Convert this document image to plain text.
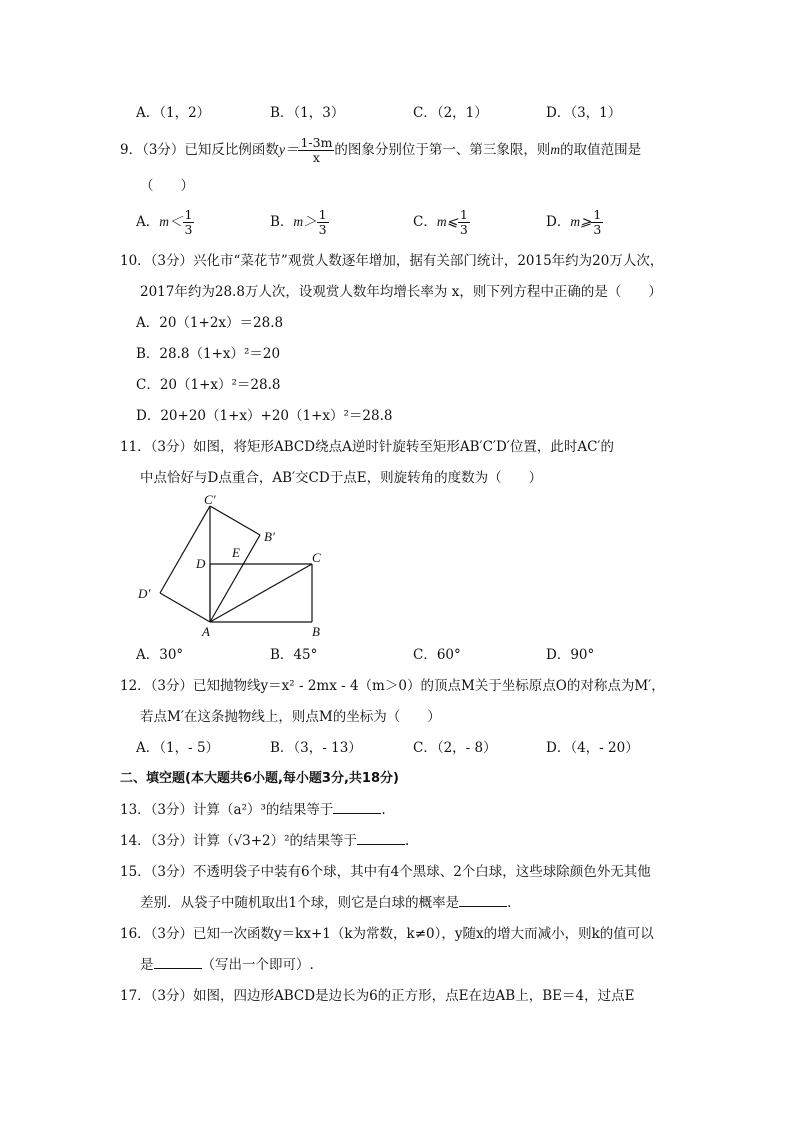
A．（1，2）	B．（1，3）	C．（2，1）	D．（3，1）
9．（3分）已知反比例函数$y= \frac{1-3m}{x}$ 的图象分别位于第一、第三象限，则m的取值范围是
（　　）
A．$m< \frac{1}{3}$	B．$m> \frac{1}{3}$	C．m⩽ $\frac{1}{3}$	D．m⩾ $\frac{1}{3}$
10．（3分）兴化市“菜花节”观赏人数逐年增加，据有关部门统计，2015年约为20万人次，
2017年约为28.8万人次，设观赏人数年均增长率为 x，则下列方程中正确的是（　　）
A．20（1+2x）＝28.8
B．28.8（1+x）²＝20
C．20（1+x）²＝28.8
D．20+20（1+x）+20（1+x）²＝28.8
11．（3分）如图，将矩形ABCD绕点A逆时针旋转至矩形AB′C′D′位置，此时AC′的
中点恰好与D点重合，AB′交CD于点E，则旋转角的度数为（　　）
C′
B′
E
D	C
D′
A	B
A．30°	B．45°	C．60°	D．90°
12．（3分）已知抛物线y＝x² - 2mx - 4（m＞0）的顶点M关于坐标原点O的对称点为M′，
若点M′在这条抛物线上，则点M的坐标为（　　）
A．（1，- 5）	B．（3，- 13）	C．（2，- 8）	D．（4，- 20）
二、填空题(本大题共6小题,每小题3分,共18分)
13．（3分）计算（a²）³的结果等于	.
14．（3分）计算（√3+2）²的结果等于	.
15．（3分）不透明袋子中装有6个球，其中有4个黑球、2个白球，这些球除颜色外无其他
差别．从袋子中随机取出1个球，则它是白球的概率是	.
16．（3分）已知一次函数y＝kx+1（k为常数，k≠0），y随x的增大而减小，则k的值可以
是	（写出一个即可）.
17．（3分）如图，四边形ABCD是边长为6的正方形，点E在边AB上，BE＝4，过点E
